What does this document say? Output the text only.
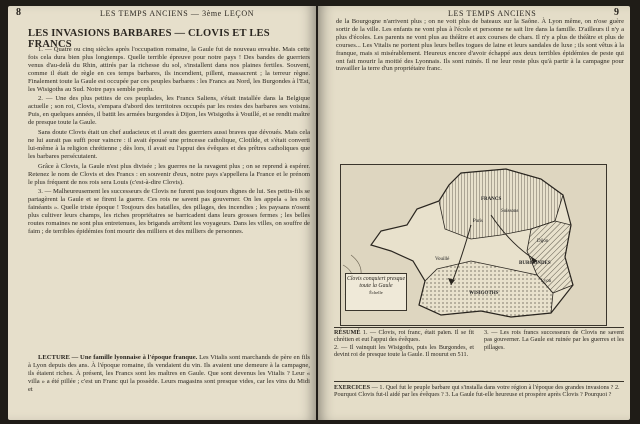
8	LES TEMPS ANCIENS — 3ème LEÇON
LES INVASIONS BARBARES — CLOVIS ET LES FRANCS

1. — Quatre ou cinq siècles après l'occupation romaine, la Gaule fut de nouveau envahie. Mais cette fois cela dura bien plus longtemps. Quelle terrible épreuve pour notre pays ! Des bandes de guerriers venus d'au-delà du Rhin, attirés par la richesse du sol, s'installent dans nos plaines fertiles. Souvent, comme il était de règle en ces temps barbares, ils incendient, pillent, massacrent ; la terreur règne. Finalement toute la Gaule est occupée par ces peuples barbares : les Francs au Nord, les Burgondes à l'Est, les Wisigoths au Sud. Notre pays semble perdu.

2. — Une des plus petites de ces peuplades, les Francs Saliens, s'était installée dans la Belgique actuelle ; son roi, Clovis, s'empara d'abord des territoires occupés par les restes des barbares ses voisins. Puis, en quelques années, il battit les armées burgondes à Dijon, les Wisigoths à Vouillé, et se rendit maître de presque toute la Gaule.

Sans doute Clovis était un chef audacieux et il avait des guerriers aussi braves que dévoués. Mais cela ne lui aurait pas suffi pour vaincre : il avait épousé une princesse catholique, Clotilde, et s'était converti lui-même à la religion chrétienne ; dès lors, il avait eu l'appui des évêques et des prêtres catholiques que les barbares persécutaient.

Grâce à Clovis, la Gaule n'est plus divisée ; les guerres ne la ravagent plus ; on se reprend à espérer. Retenez le nom de Clovis et des Francs : en souvenir d'eux, notre pays s'appellera la France et le prénom le plus fréquent de nos rois sera Louis (c'est-à-dire Clovis).

3. — Malheureusement les successeurs de Clovis ne furent pas toujours dignes de lui. Ses petits-fils se partagèrent la Gaule et se firent la guerre. Ces rois ne savent pas gouverner. On les appela « les rois fainéants ». Quelle triste époque ! Toujours des batailles, des pillages, des incendies ; les paysans n'osent plus cultiver leurs champs, les riches propriétaires se barricadent dans leurs grosses fermes ; les belles routes romaines ne sont plus entretenues, les brigands arrêtent les voyageurs. Dans les villes, on souffre de faim ; de terribles épidémies font mourir des milliers et des milliers de personnes.

LECTURE — Une famille lyonnaise à l'époque franque. Les Vitalis sont marchands de père en fils à Lyon depuis des ans. À l'époque romaine, ils vendaient du vin. Ils avaient une demeure à la campagne, ils étaient riches. À présent, les Francs sont les maîtres en Gaule. Que sont devenus les Vitalis ? Leur « villa » a été pillée ; c'est un Franc qui la possède. Leurs magasins sont presque vides, car les vins du Midi et

LES TEMPS ANCIENS	9

de la Bourgogne n'arrivent plus ; on ne voit plus de bateaux sur la Saône. À Lyon même, on n'ose guère sortir de la ville. Les enfants ne vont plus à l'école et personne ne sait lire dans la famille. D'ailleurs il n'y a plus d'écoles. Les parents ne vont plus au théâtre et aux courses de chars. Il n'y a plus de théâtre et plus de courses... Les Vitalis ne portent plus leurs belles togues de laine et leurs sandales de luxe ; ils sont vêtus à la franque, mais si misérablement. Heureux encore d'avoir échappé aux deux terribles épidémies de peste qui ont fait mourir la moitié des Lyonnais. Ils sont ruinés. Il ne leur reste plus qu'à partir à la campagne pour travailler la terre d'un propriétaire franc.

FRANCS
BURGONDES
WISIGOTHS
Soissons
Paris
Dijon
Vouillé
Lyon
Clovis conquiert presque toute la Gaule
Échelle
RÉSUMÉ 1. — Clovis, roi franc, était païen. Il se fit chrétien et eut l'appui des évêques.
2. — Il vainquit les Wisigoths, puis les Burgondes, et devint roi de presque toute la Gaule. Il mourut en 511.
3. — Les rois francs successeurs de Clovis ne savent pas gouverner. La Gaule est ruinée par les guerres et les pillages.
EXERCICES — 1. Quel fut le peuple barbare qui s'installa dans votre région à l'époque des grandes invasions ? 2. Pourquoi Clovis fut-il aidé par les évêques ? 3. La Gaule fut-elle heureuse et prospère après Clovis ? Pourquoi ?
